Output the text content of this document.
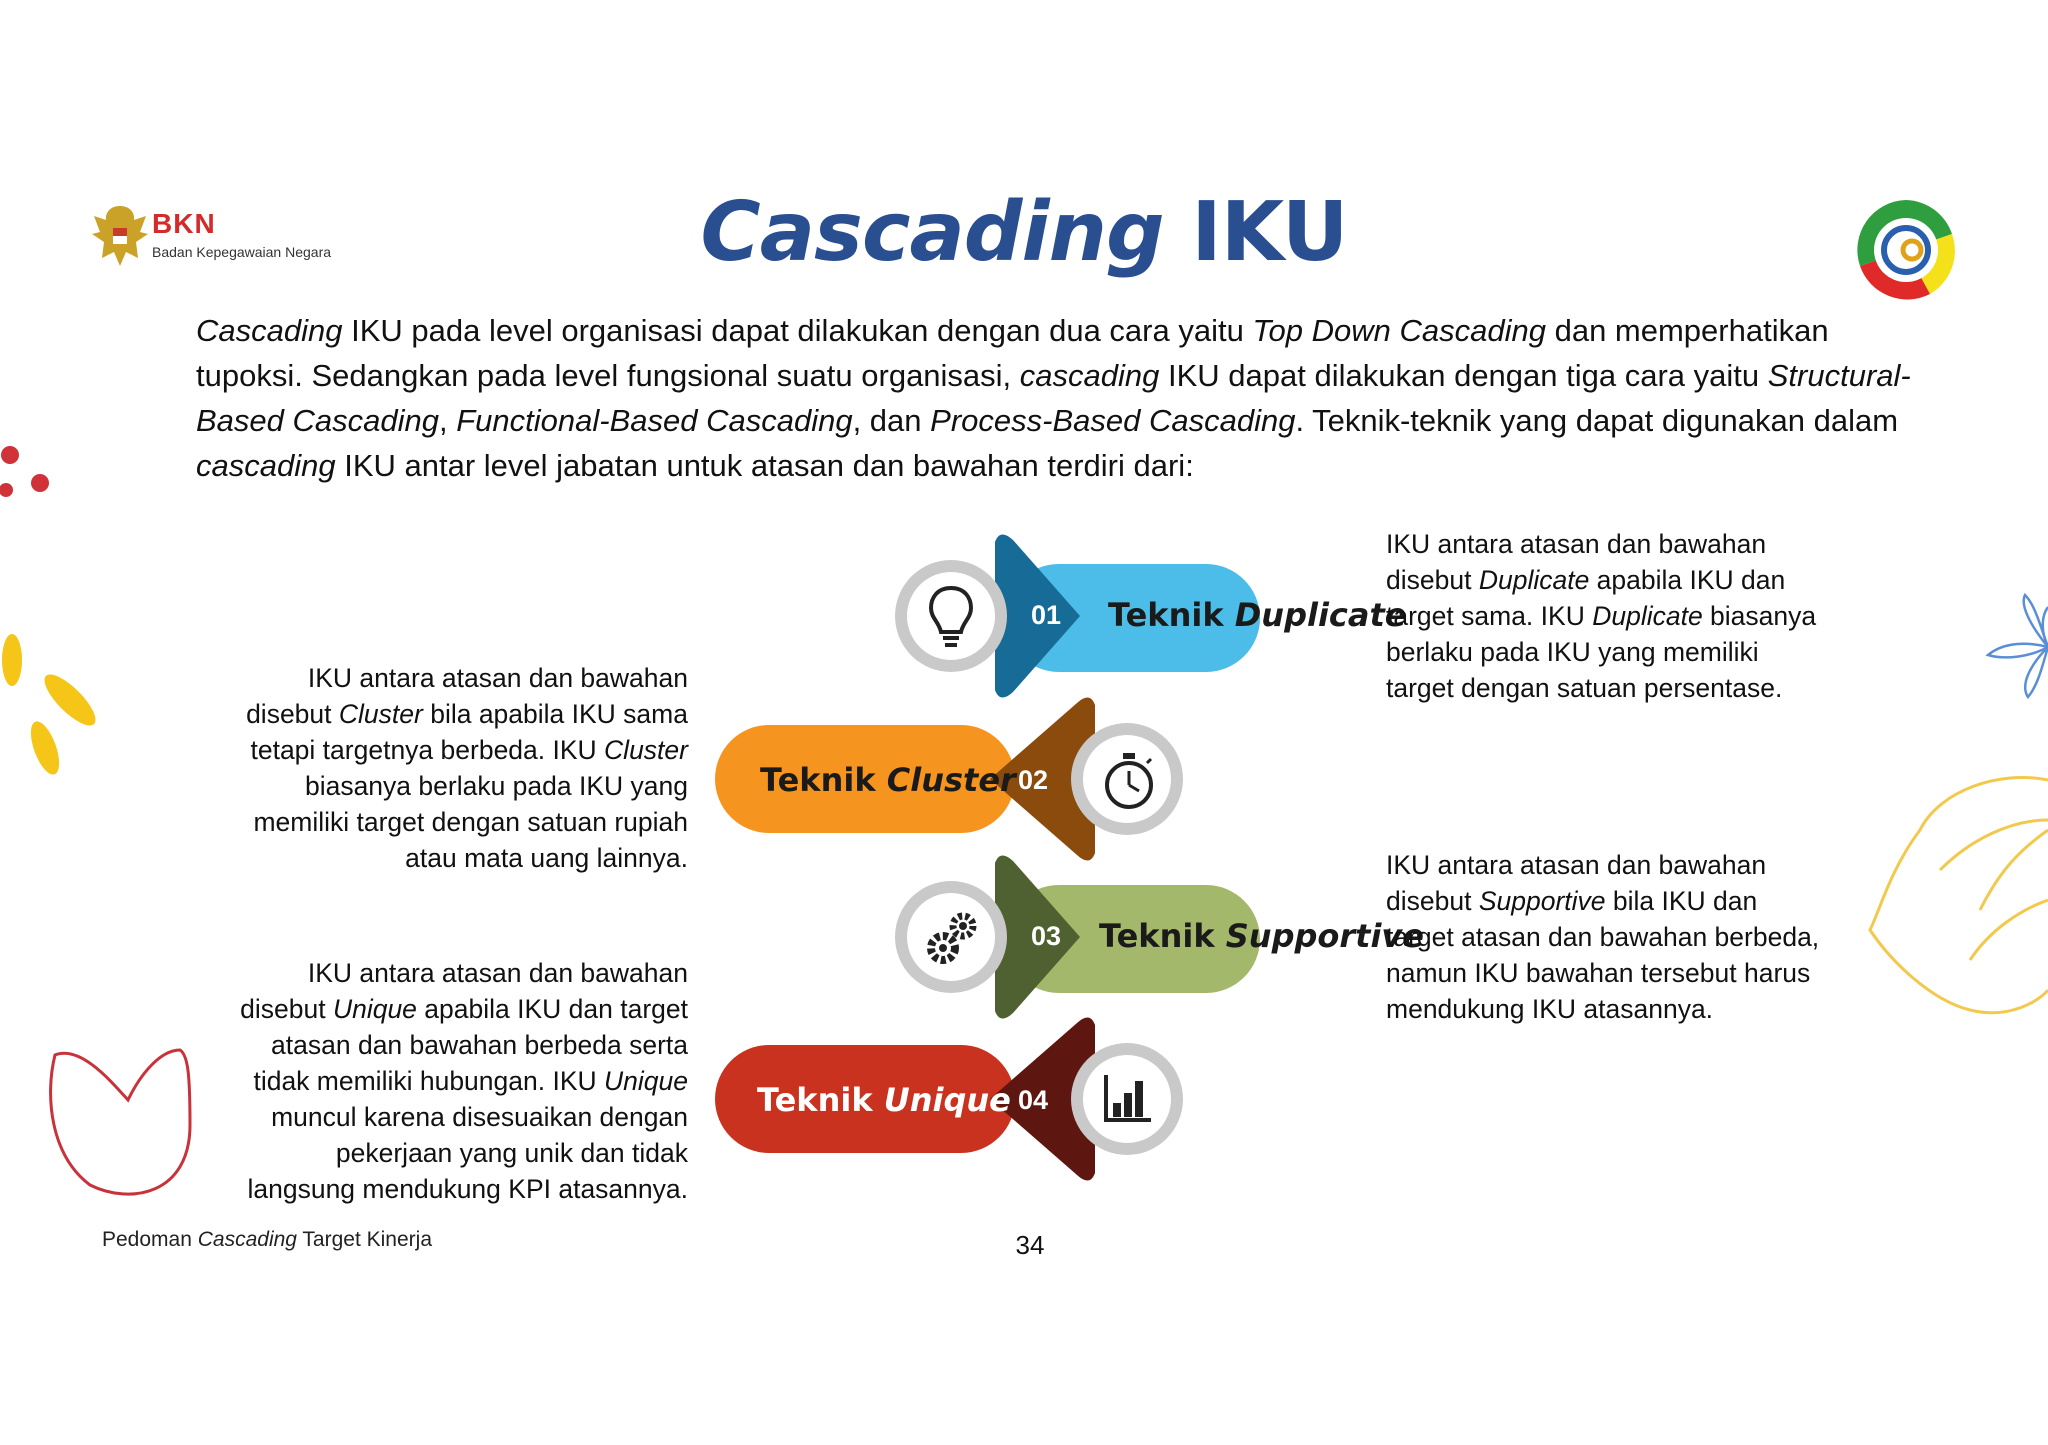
BKN
Badan Kepegawaian Negara	Cascading IKU
Cascading IKU pada level organisasi dapat dilakukan dengan dua cara yaitu Top Down Cascading dan memperhatikan tupoksi. Sedangkan pada level fungsional suatu organisasi, cascading IKU dapat dilakukan dengan tiga cara yaitu Structural-Based Cascading, Functional-Based Cascading, dan Process-Based Cascading. Teknik-teknik yang dapat digunakan dalam cascading IKU antar level jabatan untuk atasan dan bawahan terdiri dari:
01 Teknik Duplicate
Teknik Cluster 02
03 Teknik Supportive
Teknik Unique 04
IKU antara atasan dan bawahan
disebut Duplicate apabila IKU dan
target sama. IKU Duplicate biasanya
berlaku pada IKU yang memiliki
target dengan satuan persentase.
IKU antara atasan dan bawahan
disebut Cluster bila apabila IKU sama
tetapi targetnya berbeda. IKU Cluster
biasanya berlaku pada IKU yang
memiliki target dengan satuan rupiah
atau mata uang lainnya.	IKU antara atasan dan bawahan
disebut Supportive bila IKU dan
target atasan dan bawahan berbeda,
namun IKU bawahan tersebut harus
mendukung IKU atasannya.
IKU antara atasan dan bawahan
disebut Unique apabila IKU dan target
atasan dan bawahan berbeda serta
tidak memiliki hubungan. IKU Unique
muncul karena disesuaikan dengan
pekerjaan yang unik dan tidak
langsung mendukung KPI atasannya.
Pedoman Cascading Target Kinerja	34
